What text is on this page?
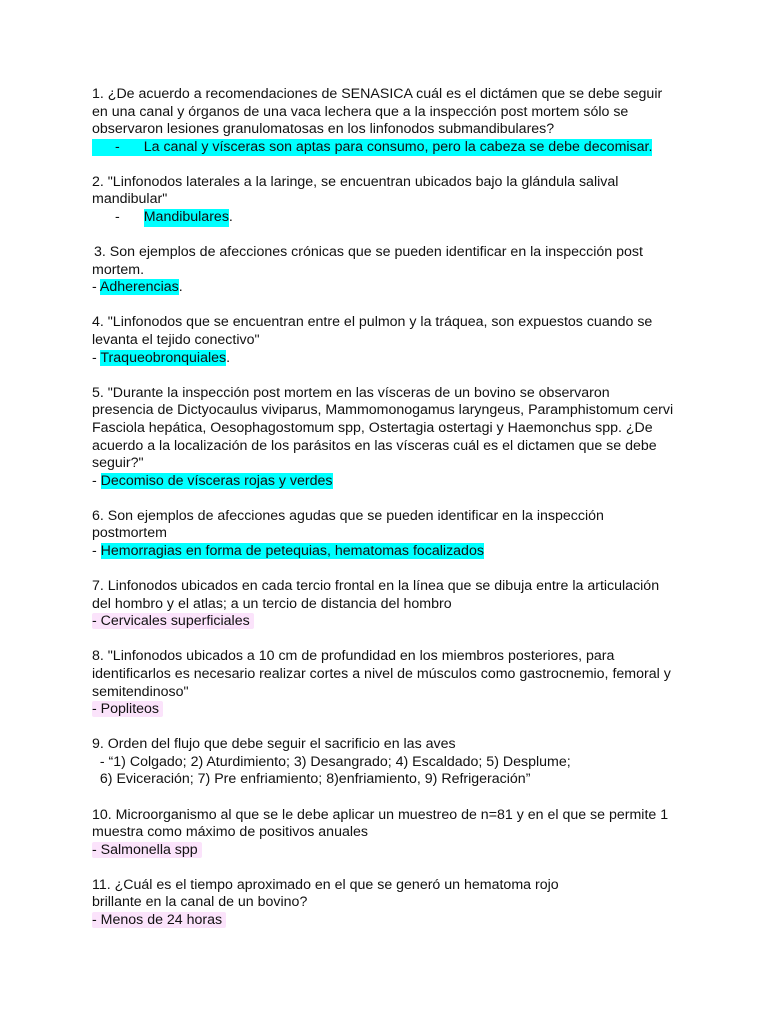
1. ¿De acuerdo a recomendaciones de SENASICA cuál es el dictámen que se debe seguir
en una canal y órganos de una vaca lechera que a la inspección post mortem sólo se
observaron lesiones granulomatosas en los linfonodos submandibulares?
- La canal y vísceras son aptas para consumo, pero la cabeza se debe decomisar.
2. "Linfonodos laterales a la laringe, se encuentran ubicados bajo la glándula salival
mandibular"
- Mandibulares .
3. Son ejemplos de afecciones crónicas que se pueden identificar en la inspección post
mortem.
- Adherencias.
4. "Linfonodos que se encuentran entre el pulmon y la tráquea, son expuestos cuando se
levanta el tejido conectivo"
- Traqueobronquiales.
5. "Durante la inspección post mortem en las vísceras de un bovino se observaron
presencia de Dictyocaulus viviparus, Mammomonogamus laryngeus, Paramphistomum cervi
Fasciola hepática, Oesophagostomum spp, Ostertagia ostertagi y Haemonchus spp. ¿De
acuerdo a la localización de los parásitos en las vísceras cuál es el dictamen que se debe
seguir?"
- Decomiso de vísceras rojas y verdes
6. Son ejemplos de afecciones agudas que se pueden identificar en la inspección
postmortem
- Hemorragias en forma de petequias, hematomas focalizados
7. Linfonodos ubicados en cada tercio frontal en la línea que se dibuja entre la articulación
del hombro y el atlas; a un tercio de distancia del hombro
- Cervicales superficiales
8. "Linfonodos ubicados a 10 cm de profundidad en los miembros posteriores, para
identificarlos es necesario realizar cortes a nivel de músculos como gastrocnemio, femoral y
semitendinoso"
- Popliteos
9. Orden del flujo que debe seguir el sacrificio en las aves
- “1) Colgado; 2) Aturdimiento; 3) Desangrado; 4) Escaldado; 5) Desplume;
6) Eviceración; 7) Pre enfriamiento; 8)enfriamiento, 9) Refrigeración”
10. Microorganismo al que se le debe aplicar un muestreo de n=81 y en el que se permite 1
muestra como máximo de positivos anuales
- Salmonella spp
11. ¿Cuál es el tiempo aproximado en el que se generó un hematoma rojo
brillante en la canal de un bovino?
- Menos de 24 horas
